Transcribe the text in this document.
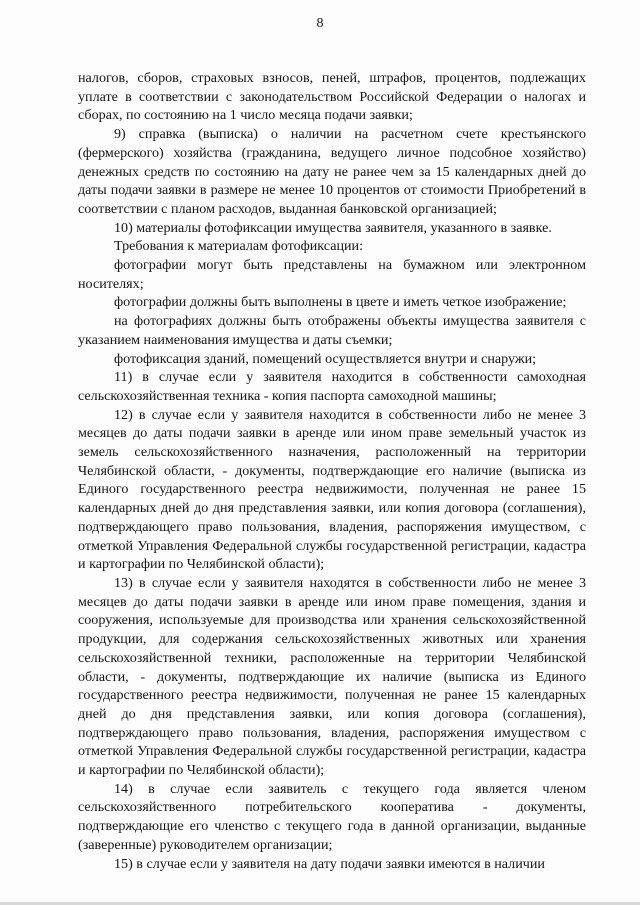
8

налогов, сборов, страховых взносов, пеней, штрафов, процентов, подлежащих уплате в соответствии с законодательством Российской Федерации о налогах и сборах, по состоянию на 1 число месяца подачи заявки;

9) справка (выписка) о наличии на расчетном счете крестьянского (фермерского) хозяйства (гражданина, ведущего личное подсобное хозяйство) денежных средств по состоянию на дату не ранее чем за 15 календарных дней до даты подачи заявки в размере не менее 10 процентов от стоимости Приобретений в соответствии с планом расходов, выданная банковской организацией;

10) материалы фотофиксации имущества заявителя, указанного в заявке.

Требования к материалам фотофиксации:

фотографии могут быть представлены на бумажном или электронном носителях;

фотографии должны быть выполнены в цвете и иметь четкое изображение;

на фотографиях должны быть отображены объекты имущества заявителя с указанием наименования имущества и даты съемки;

фотофиксация зданий, помещений осуществляется внутри и снаружи;

11) в случае если у заявителя находится в собственности самоходная сельскохозяйственная техника - копия паспорта самоходной машины;

12) в случае если у заявителя находится в собственности либо не менее 3 месяцев до даты подачи заявки в аренде или ином праве земельный участок из земель сельскохозяйственного назначения, расположенный на территории Челябинской области, - документы, подтверждающие его наличие (выписка из Единого государственного реестра недвижимости, полученная не ранее 15 календарных дней до дня представления заявки, или копия договора (соглашения), подтверждающего право пользования, владения, распоряжения имуществом, с отметкой Управления Федеральной службы государственной регистрации, кадастра и картографии по Челябинской области);

13) в случае если у заявителя находятся в собственности либо не менее 3 месяцев до даты подачи заявки в аренде или ином праве помещения, здания и сооружения, используемые для производства или хранения сельскохозяйственной продукции, для содержания сельскохозяйственных животных или хранения сельскохозяйственной техники, расположенные на территории Челябинской области, - документы, подтверждающие их наличие (выписка из Единого государственного реестра недвижимости, полученная не ранее 15 календарных дней до дня представления заявки, или копия договора (соглашения), подтверждающего право пользования, владения, распоряжения имуществом с отметкой Управления Федеральной службы государственной регистрации, кадастра и картографии по Челябинской области);

14) в случае если заявитель с текущего года является членом сельскохозяйственного потребительского кооператива - документы, подтверждающие его членство с текущего года в данной организации, выданные (заверенные) руководителем организации;

15) в случае если у заявителя на дату подачи заявки имеются в наличии
